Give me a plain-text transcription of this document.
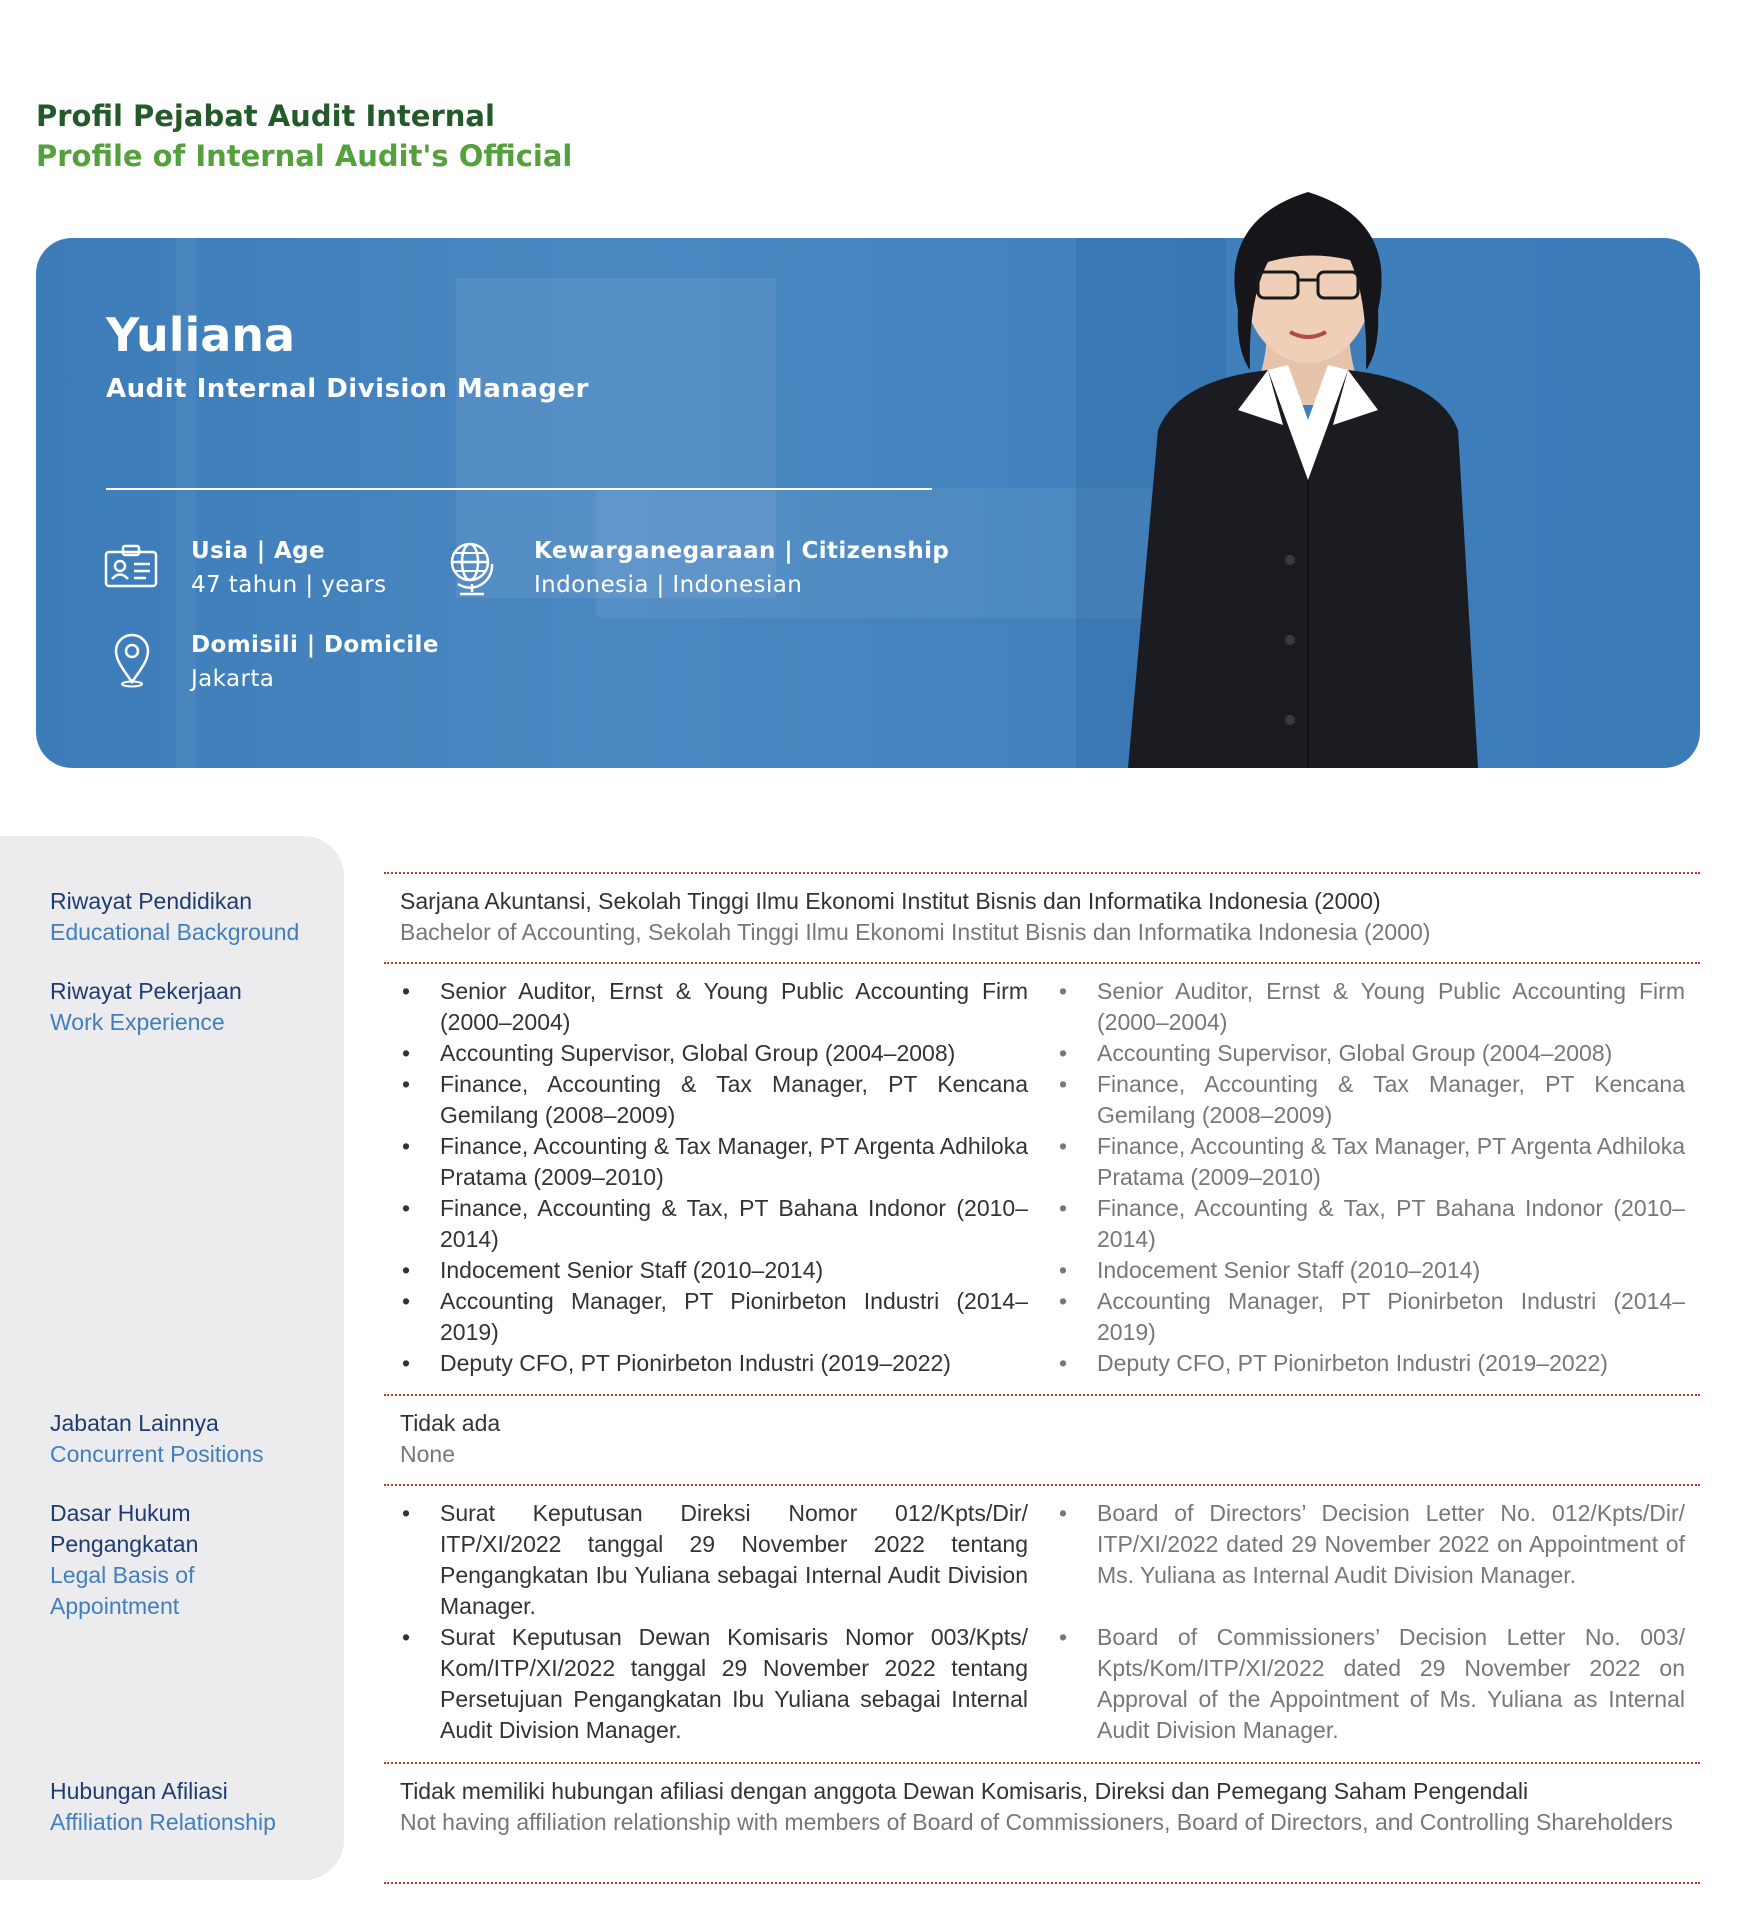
Profil Pejabat Audit Internal
Profile of Internal Audit's Official
Yuliana
Audit Internal Division Manager
Usia | Age
47 tahun | years
Kewarganegaraan | Citizenship
Indonesia | Indonesian
Domisili | Domicile
Jakarta
Riwayat Pendidikan
Educational Background
Riwayat Pekerjaan
Work Experience
Jabatan Lainnya
Concurrent Positions
Dasar Hukum
Pengangkatan
Legal Basis of
Appointment
Hubungan Afiliasi
Affiliation Relationship
Sarjana Akuntansi, Sekolah Tinggi Ilmu Ekonomi Institut Bisnis dan Informatika Indonesia (2000)
Bachelor of Accounting, Sekolah Tinggi Ilmu Ekonomi Institut Bisnis dan Informatika Indonesia (2000)
• Senior Auditor, Ernst & Young Public Accounting Firm (2000–2004)
• Accounting Supervisor, Global Group (2004–2008)
• Finance, Accounting & Tax Manager, PT Kencana Gemilang (2008–2009)
• Finance, Accounting & Tax Manager, PT Argenta Adhiloka Pratama (2009–2010)
• Finance, Accounting & Tax, PT Bahana Indonor (2010–2014)
• Indocement Senior Staff (2010–2014)
• Accounting Manager, PT Pionirbeton Industri (2014–2019)
• Deputy CFO, PT Pionirbeton Industri (2019–2022)
• Senior Auditor, Ernst & Young Public Accounting Firm (2000–2004)
• Accounting Supervisor, Global Group (2004–2008)
• Finance, Accounting & Tax Manager, PT Kencana Gemilang (2008–2009)
• Finance, Accounting & Tax Manager, PT Argenta Adhiloka Pratama (2009–2010)
• Finance, Accounting & Tax, PT Bahana Indonor (2010–2014)
• Indocement Senior Staff (2010–2014)
• Accounting Manager, PT Pionirbeton Industri (2014–2019)
• Deputy CFO, PT Pionirbeton Industri (2019–2022)
Tidak ada
None
• Surat Keputusan Direksi Nomor 012/Kpts/Dir/ ITP/XI/2022 tanggal 29 November 2022 tentang Pengangkatan Ibu Yuliana sebagai Internal Audit Division Manager.
• Surat Keputusan Dewan Komisaris Nomor 003/Kpts/ Kom/ITP/XI/2022 tanggal 29 November 2022 tentang Persetujuan Pengangkatan Ibu Yuliana sebagai Internal Audit Division Manager.
• Board of Directors’ Decision Letter No. 012/Kpts/Dir/ ITP/XI/2022 dated 29 November 2022 on Appointment of Ms. Yuliana as Internal Audit Division Manager.
• Board of Commissioners’ Decision Letter No. 003/ Kpts/Kom/ITP/XI/2022 dated 29 November 2022 on Approval of the Appointment of Ms. Yuliana as Internal Audit Division Manager.
Tidak memiliki hubungan afiliasi dengan anggota Dewan Komisaris, Direksi dan Pemegang Saham Pengendali
Not having affiliation relationship with members of Board of Commissioners, Board of Directors, and Controlling Shareholders
